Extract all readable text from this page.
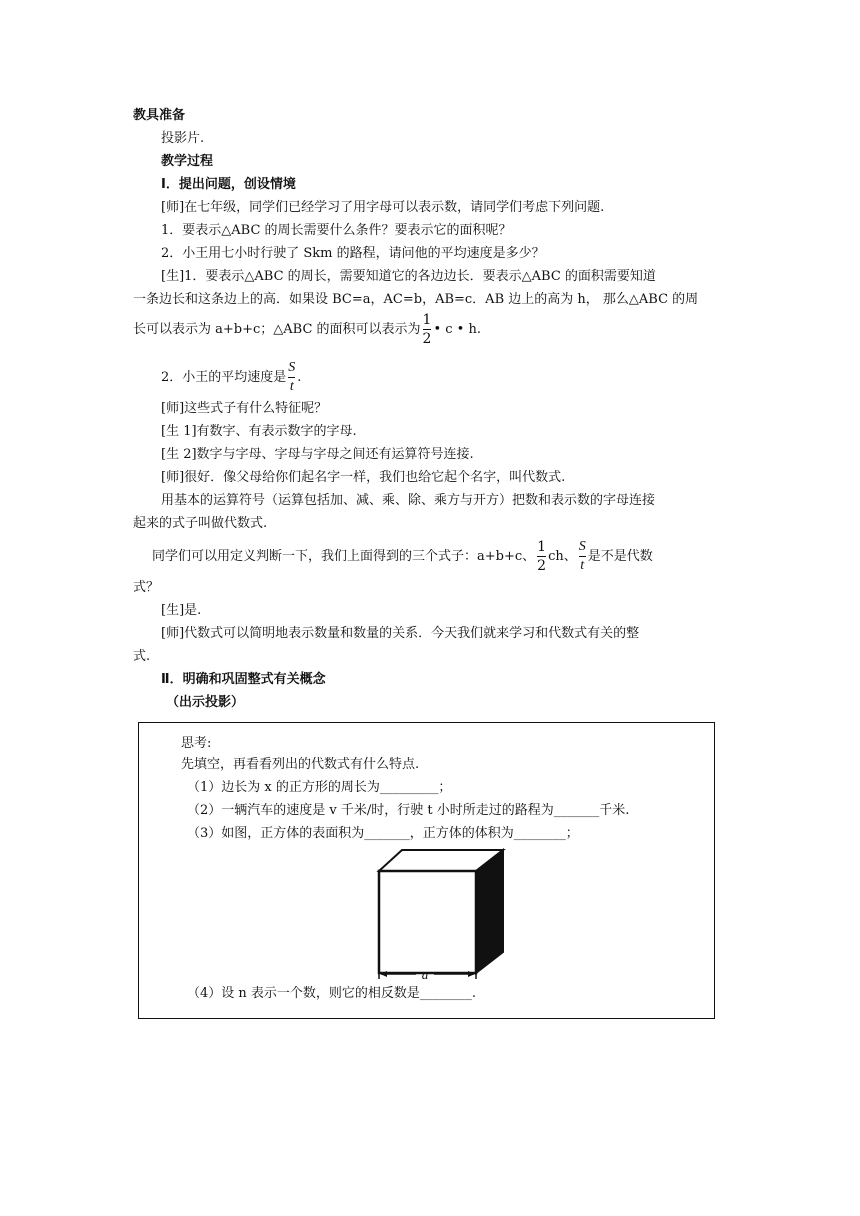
教具准备
投影片.
教学过程
Ⅰ．提出问题，创设情境
[师]在七年级，同学们已经学习了用字母可以表示数，请同学们考虑下列问题.
1．要表示△ABC 的周长需要什么条件？要表示它的面积呢？
2．小王用七小时行驶了 Skm 的路程，请问他的平均速度是多少？
[生]1．要表示△ABC 的周长，需要知道它的各边边长．要表示△ABC 的面积需要知道
一条边长和这条边上的高．如果设 BC=a，AC=b，AB=c．AB 边上的高为 h， 那么△ABC 的周
长可以表示为 a+b+c；△ABC 的面积可以表示为 $\frac{1}{2}$ • c • h.
2．小王的平均速度是 $\frac{S}{t}$ .
[师]这些式子有什么特征呢？
[生 1]有数字、有表示数字的字母.
[生 2]数字与字母、字母与字母之间还有运算符号连接.
[师]很好．像父母给你们起名字一样，我们也给它起个名字，叫代数式.
用基本的运算符号（运算包括加、减、乘、除、乘方与开方）把数和表示数的字母连接
起来的式子叫做代数式.
同学们可以用定义判断一下，我们上面得到的三个式子：a+b+c、 $\frac{1}{2}$ ch、 $\frac{S}{t}$ 是不是代数
式？
[生]是.
[师]代数式可以简明地表示数量和数量的关系．今天我们就来学习和代数式有关的整
式.
Ⅱ．明确和巩固整式有关概念
（出示投影）
思考:
先填空，再看看列出的代数式有什么特点.
（1）边长为 x 的正方形的周长为_________；
（2）一辆汽车的速度是 v 千米/时，行驶 t 小时所走过的路程为_______千米.
（3）如图，正方体的表面积为_______，正方体的体积为________；
a
（4）设 n 表示一个数，则它的相反数是________.
